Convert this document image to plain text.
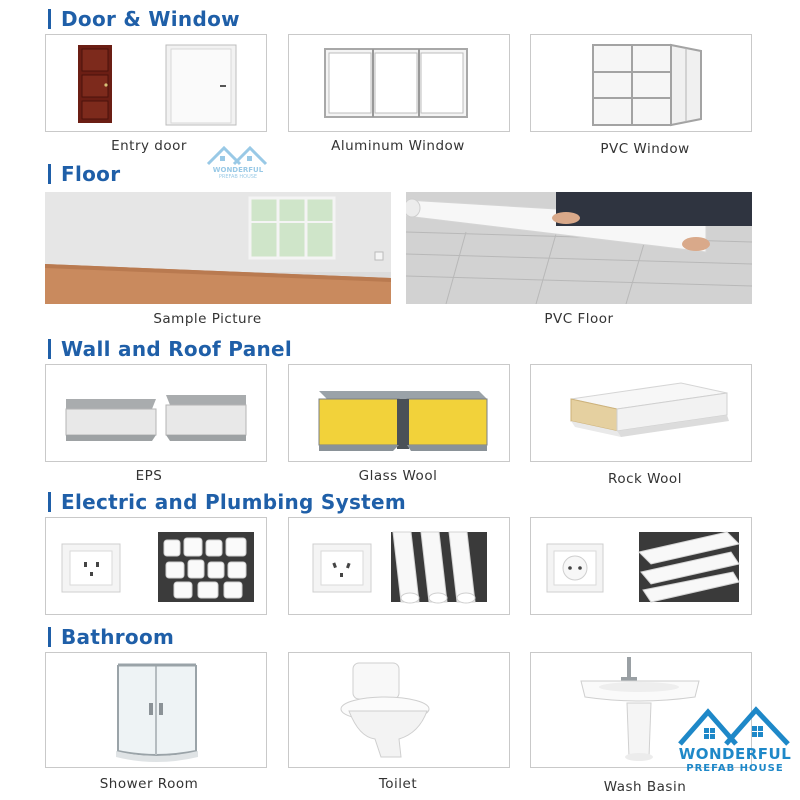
Door & Window
Entry door	Aluminum Window	PVC Window
WONDERFUL
PREFAB HOUSE
Floor
Sample Picture	PVC Floor
Wall and Roof Panel
EPS	Glass Wool	Rock Wool
Electric and Plumbing System
Bathroom
Shower Room	Toilet	Wash Basin
WONDERFUL
PREFAB HOUSE
